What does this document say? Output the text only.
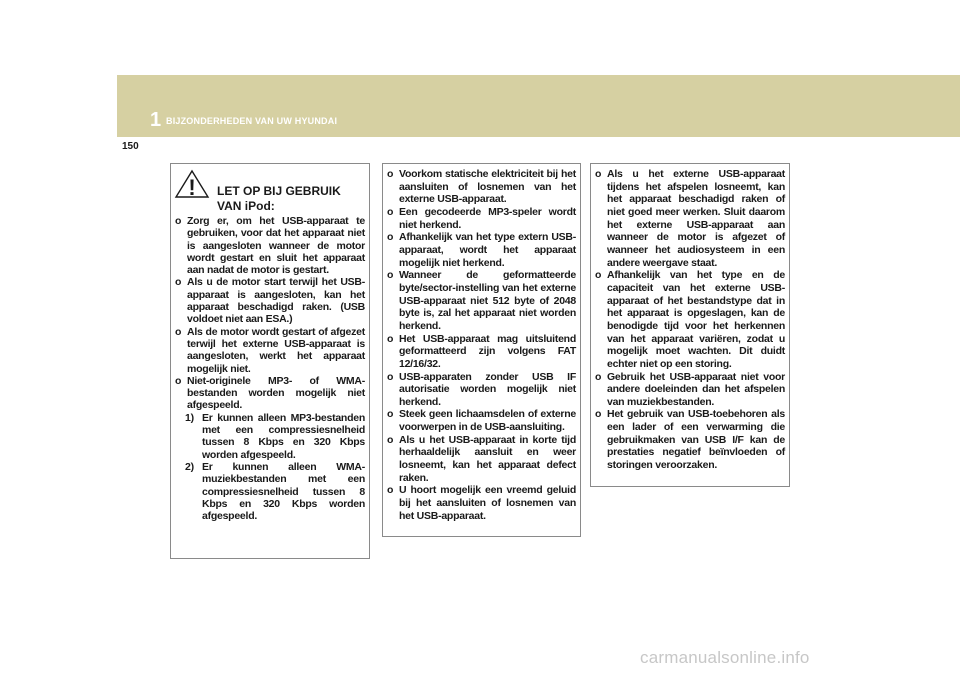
1 BIJZONDERHEDEN VAN UW HYUNDAI
150
! LET OP BIJ GEBRUIK
VAN iPod:
o Zorg er, om het USB-apparaat te gebruiken, voor dat het apparaat niet is aangesloten wanneer de motor wordt gestart en sluit het apparaat aan nadat de motor is gestart.
o Als u de motor start terwijl het USB-apparaat is aangesloten, kan het apparaat beschadigd raken. (USB voldoet niet aan ESA.)
o Als de motor wordt gestart of afgezet terwijl het externe USB-apparaat is aangesloten, werkt het apparaat mogelijk niet.
o Niet-originele MP3- of WMA-bestanden worden mogelijk niet afgespeeld.
1) Er kunnen alleen MP3-bestanden met een compressiesnelheid tussen 8 Kbps en 320 Kbps worden afgespeeld.
2) Er kunnen alleen WMA-muziekbestanden met een compressiesnelheid tussen 8 Kbps en 320 Kbps worden afgespeeld.
o Voorkom statische elektriciteit bij het aansluiten of losnemen van het externe USB-apparaat.
o Een gecodeerde MP3-speler wordt niet herkend.
o Afhankelijk van het type extern USB-apparaat, wordt het apparaat mogelijk niet herkend.
o Wanneer de geformatteerde byte/sector-instelling van het externe USB-apparaat niet 512 byte of 2048 byte is, zal het apparaat niet worden herkend.
o Het USB-apparaat mag uitsluitend geformatteerd zijn volgens FAT 12/16/32.
o USB-apparaten zonder USB IF autorisatie worden mogelijk niet herkend.
o Steek geen lichaamsdelen of externe voorwerpen in de USB-aansluiting.
o Als u het USB-apparaat in korte tijd herhaaldelijk aansluit en weer losneemt, kan het apparaat defect raken.
o U hoort mogelijk een vreemd geluid bij het aansluiten of losnemen van het USB-apparaat.
o Als u het externe USB-apparaat tijdens het afspelen losneemt, kan het apparaat beschadigd raken of niet goed meer werken. Sluit daarom het externe USB-apparaat aan wanneer de motor is afgezet of wanneer het audiosysteem in een andere weergave staat.
o Afhankelijk van het type en de capaciteit van het externe USB-apparaat of het bestandstype dat in het apparaat is opgeslagen, kan de benodigde tijd voor het herkennen van het apparaat variëren, zodat u mogelijk moet wachten. Dit duidt echter niet op een storing.
o Gebruik het USB-apparaat niet voor andere doeleinden dan het afspelen van muziekbestanden.
o Het gebruik van USB-toebehoren als een lader of een verwarming die gebruikmaken van USB I/F kan de prestaties negatief beïnvloeden of storingen veroorzaken.
carmanualsonline.info
